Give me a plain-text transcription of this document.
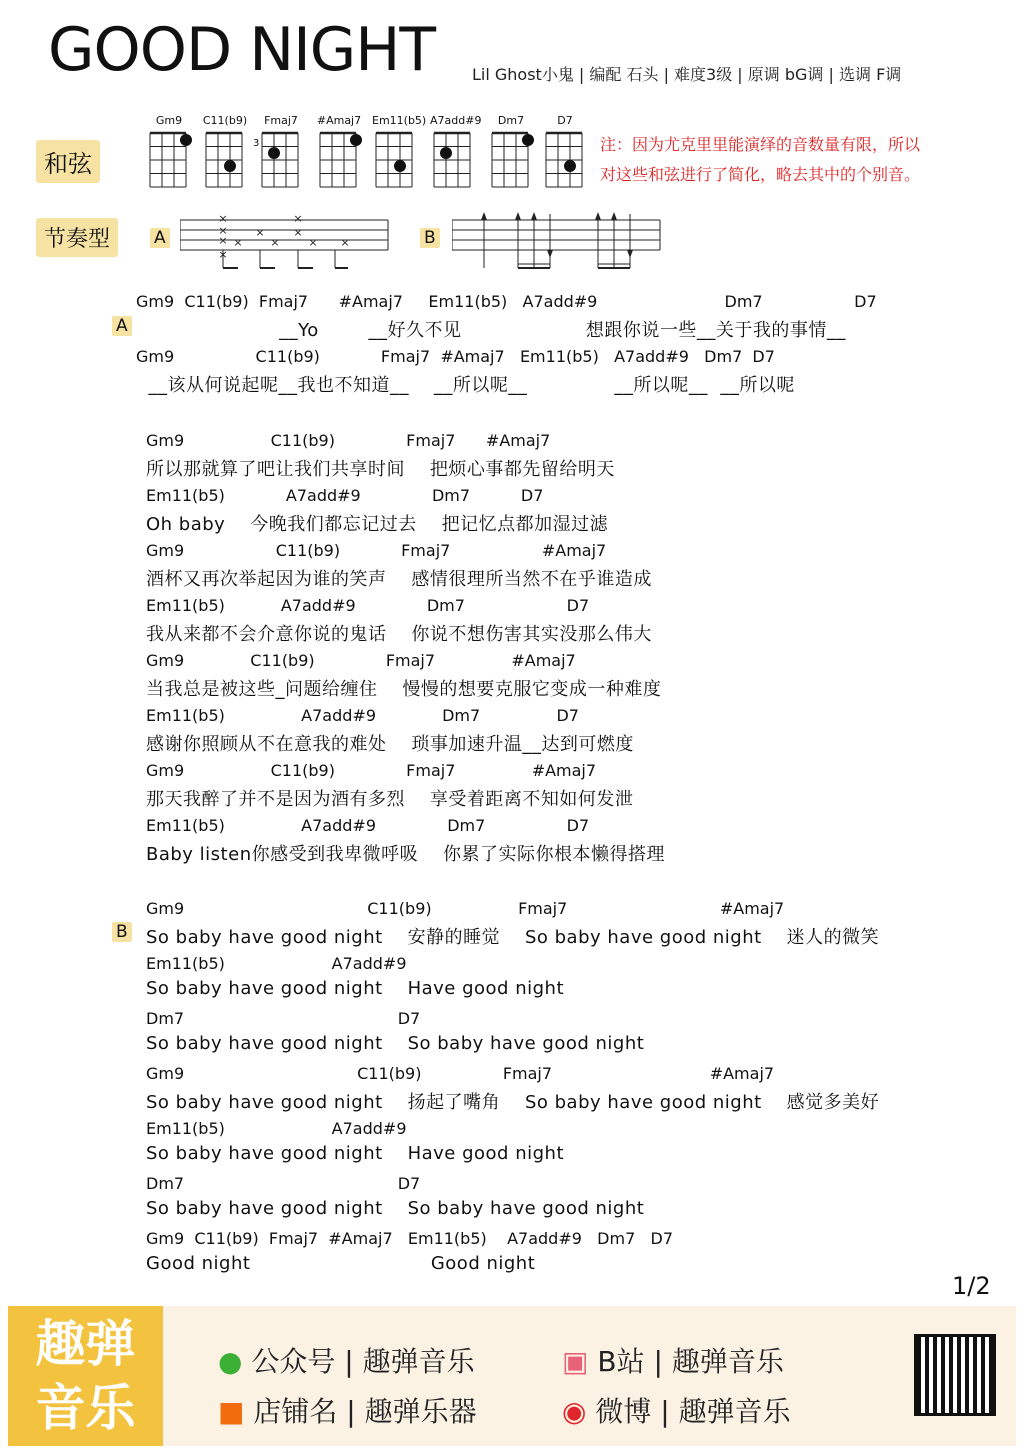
GOOD NIGHT Lil Ghost小鬼 | 编配 石头 | 难度3级 | 原调 bG调 | 选调 F调
和弦
节奏型
注：因为尤克里里能演绎的音数量有限，所以
对这些和弦进行了简化，略去其中的个别音。
Gm9	C11(b9)	Fmaj7	#Amaj7 Em11(b5) A7add#9	Dm7	D7
3
A
×
×
×
×
×
×
×
×
×
× ×	B
A
B
Gm9  C11(b9)  Fmaj7      #Amaj7     Em11(b5)   A7add#9                         Dm7                  D7
__Yo        __好久不见                    想跟你说一些__关于我的事情__
Gm9                C11(b9)            Fmaj7  #Amaj7   Em11(b5)   A7add#9   Dm7  D7
__该从何说起呢__我也不知道__    __所以呢__              __所以呢__  __所以呢
Gm9                 C11(b9)              Fmaj7      #Amaj7
所以那就算了吧让我们共享时间    把烦心事都先留给明天
Em11(b5)            A7add#9              Dm7          D7
Oh baby    今晚我们都忘记过去    把记忆点都加湿过滤
Gm9                  C11(b9)            Fmaj7                  #Amaj7
酒杯又再次举起因为谁的笑声    感情很理所当然不在乎谁造成
Em11(b5)           A7add#9              Dm7                    D7
我从来都不会介意你说的鬼话    你说不想伤害其实没那么伟大
Gm9             C11(b9)              Fmaj7               #Amaj7
当我总是被这些_问题给缠住    慢慢的想要克服它变成一种难度
Em11(b5)               A7add#9             Dm7               D7
感谢你照顾从不在意我的难处    琐事加速升温__达到可燃度
Gm9                 C11(b9)              Fmaj7               #Amaj7
那天我醉了并不是因为酒有多烈    享受着距离不知如何发泄
Em11(b5)               A7add#9              Dm7                D7
Baby listen你感受到我卑微呼吸    你累了实际你根本懒得搭理
Gm9                                    C11(b9)                 Fmaj7                              #Amaj7
So baby have good night    安静的睡觉    So baby have good night    迷人的微笑
Em11(b5)                     A7add#9
So baby have good night    Have good night
Dm7                                          D7
So baby have good night    So baby have good night
Gm9                                  C11(b9)                Fmaj7                               #Amaj7
So baby have good night    扬起了嘴角    So baby have good night    感觉多美好
Em11(b5)                     A7add#9
So baby have good night    Have good night
Dm7                                          D7
So baby have good night    So baby have good night
Gm9  C11(b9)  Fmaj7  #Amaj7   Em11(b5)    A7add#9   Dm7   D7
Good night                             Good night
1/2
趣弹
音乐
● 公众号 | 趣弹音乐
■ 店铺名 | 趣弹乐器
▣ B站 | 趣弹音乐
◉ 微博 | 趣弹音乐
